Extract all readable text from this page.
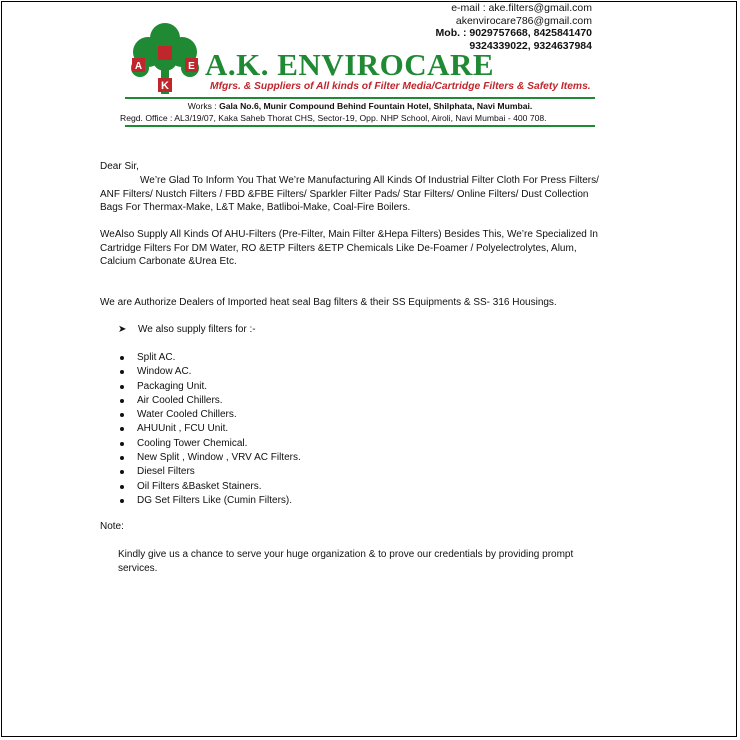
e-mail : ake.filters@gmail.com
akenvirocare786@gmail.com
Mob. : 9029757668, 8425841470
9324339022, 9324637984
A	E
K
A.K. ENVIROCARE
Mfgrs. & Suppliers of All kinds of Filter Media/Cartridge Filters & Safety Items.
Works : Gala No.6, Munir Compound Behind Fountain Hotel, Shilphata, Navi Mumbai.
Regd. Office : AL3/19/07, Kaka Saheb Thorat CHS, Sector-19, Opp. NHP School, Airoli, Navi Mumbai - 400 708.
Dear Sir,
We’re Glad To Inform You That We’re Manufacturing All Kinds Of Industrial Filter Cloth For Press Filters/ ANF Filters/ Nustch Filters / FBD &FBE Filters/ Sparkler Filter Pads/ Star Filters/ Online Filters/ Dust Collection Bags For Thermax-Make, L&T Make, Batliboi-Make, Coal-Fire Boilers.
WeAlso Supply All Kinds Of AHU-Filters (Pre-Filter, Main Filter &Hepa Filters) Besides This, We’re Specialized In Cartridge Filters For DM Water, RO &ETP Filters &ETP Chemicals Like De-Foamer / Polyelectrolytes, Alum, Calcium Carbonate &Urea Etc.
We are Authorize Dealers of Imported heat seal Bag filters & their SS Equipments & SS- 316 Housings.
➤ We also supply filters for :-
Split AC.
Window AC.
Packaging Unit.
Air Cooled Chillers.
Water Cooled Chillers.
AHUUnit , FCU Unit.
Cooling Tower Chemical.
New Split , Window , VRV AC Filters.
Diesel Filters
Oil Filters &Basket Stainers.
DG Set Filters Like (Cumin Filters).
Note:
Kindly give us a chance to serve your huge organization & to prove our credentials by providing prompt services.
